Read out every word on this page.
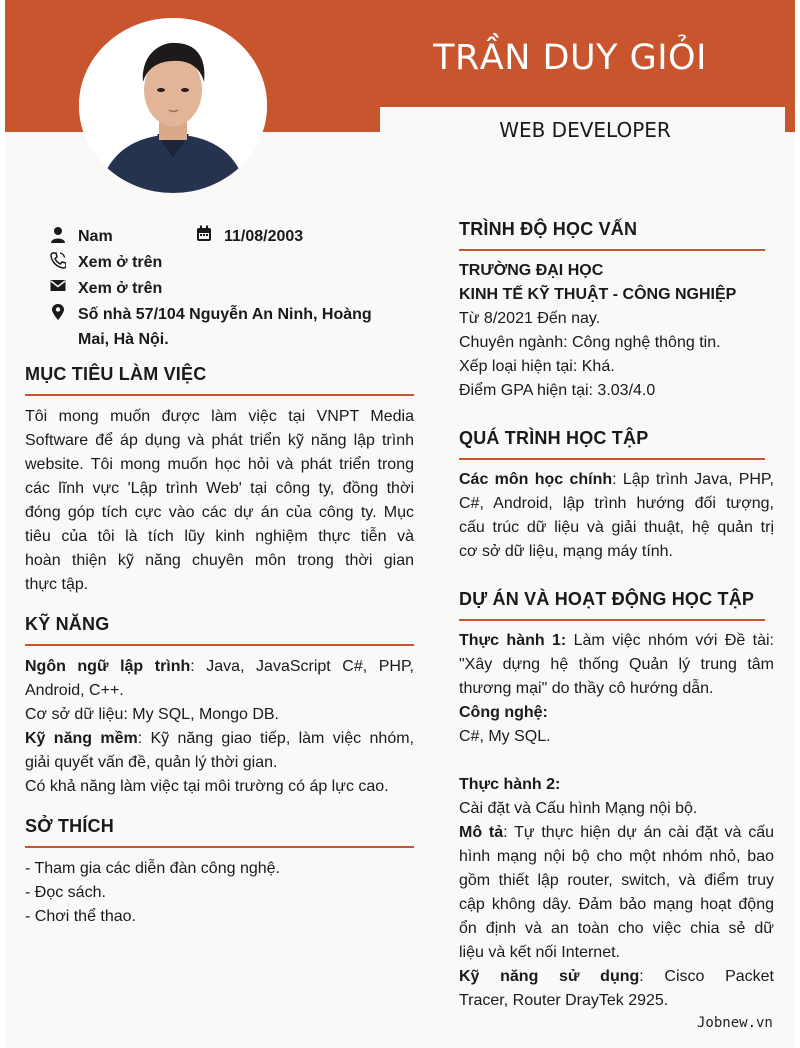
TRẦN DUY GIỎI
WEB DEVELOPER
Nam	11/08/2003
Xem ở trên
Xem ở trên
Số nhà 57/104 Nguyễn An Ninh, Hoàng
Mai, Hà Nội.
MỤC TIÊU LÀM VIỆC
Tôi mong muốn được làm việc tại VNPT Media
Software để áp dụng và phát triển kỹ năng lập trình
website. Tôi mong muốn học hỏi và phát triển trong
các lĩnh vực 'Lập trình Web' tại công ty, đồng thời
đóng góp tích cực vào các dự án của công ty. Mục
tiêu của tôi là tích lũy kinh nghiệm thực tiễn và
hoàn thiện kỹ năng chuyên môn trong thời gian
thực tập.
KỸ NĂNG
Ngôn ngữ lập trình: Java, JavaScript C#, PHP,
Android, C++.
Cơ sở dữ liệu: My SQL, Mongo DB.
Kỹ năng mềm: Kỹ năng giao tiếp, làm việc nhóm,
giải quyết vấn đề, quản lý thời gian.
Có khả năng làm việc tại môi trường có áp lực cao.
SỞ THÍCH
- Tham gia các diễn đàn công nghệ.
- Đọc sách.
- Chơi thể thao.
TRÌNH ĐỘ HỌC VẤN
TRƯỜNG ĐẠI HỌC
KINH TẾ KỸ THUẬT - CÔNG NGHIỆP
Từ 8/2021 Đến nay.
Chuyên ngành: Công nghệ thông tin.
Xếp loại hiện tại: Khá.
Điểm GPA hiện tại: 3.03/4.0
QUÁ TRÌNH HỌC TẬP
Các môn học chính: Lập trình Java, PHP,
C#, Android, lập trình hướng đối tượng,
cấu trúc dữ liệu và giải thuật, hệ quản trị
cơ sở dữ liệu, mạng máy tính.
DỰ ÁN VÀ HOẠT ĐỘNG HỌC TẬP
Thực hành 1: Làm việc nhóm với Đề tài:
"Xây dựng hệ thống Quản lý trung tâm
thương mại" do thầy cô hướng dẫn.
Công nghệ:
C#, My SQL.

Thực hành 2:
Cài đặt và Cấu hình Mạng nội bộ.
Mô tả: Tự thực hiện dự án cài đặt và cấu
hình mạng nội bộ cho một nhóm nhỏ, bao
gồm thiết lập router, switch, và điểm truy
cập không dây. Đảm bảo mạng hoạt động
ổn định và an toàn cho việc chia sẻ dữ
liệu và kết nối Internet.
Kỹ năng sử dụng: Cisco Packet
Tracer, Router DrayTek 2925.
Jobnew.vn
